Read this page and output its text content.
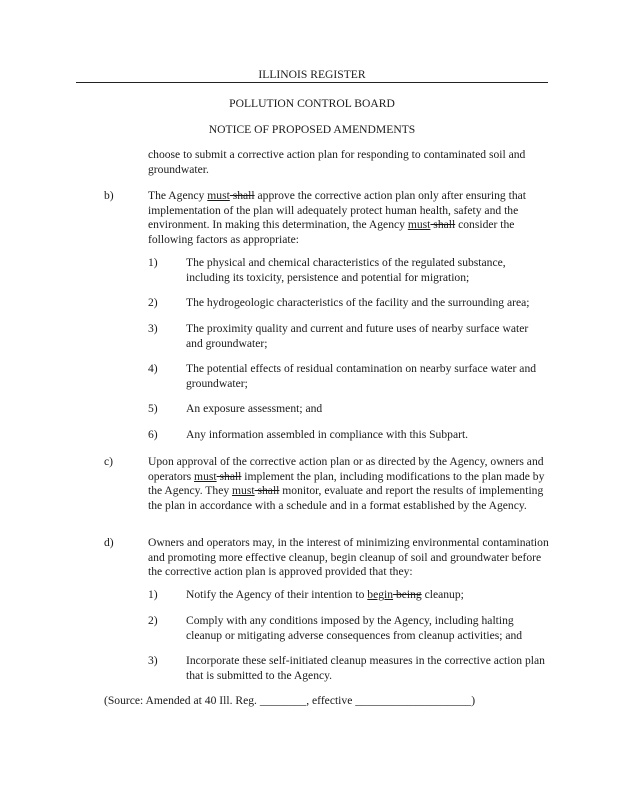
ILLINOIS REGISTER
POLLUTION CONTROL BOARD
NOTICE OF PROPOSED AMENDMENTS
choose to submit a corrective action plan for responding to contaminated soil and groundwater.
b)	The Agency must shall approve the corrective action plan only after ensuring that implementation of the plan will adequately protect human health, safety and the environment. In making this determination, the Agency must shall consider the following factors as appropriate:
1) The physical and chemical characteristics of the regulated substance, including its toxicity, persistence and potential for migration;
2) The hydrogeologic characteristics of the facility and the surrounding area;
3) The proximity quality and current and future uses of nearby surface water and groundwater;
4) The potential effects of residual contamination on nearby surface water and groundwater;
5) An exposure assessment; and
6) Any information assembled in compliance with this Subpart.
c)	Upon approval of the corrective action plan or as directed by the Agency, owners and operators must shall implement the plan, including modifications to the plan made by the Agency. They must shall monitor, evaluate and report the results of implementing the plan in accordance with a schedule and in a format established by the Agency.
d)	Owners and operators may, in the interest of minimizing environmental contamination and promoting more effective cleanup, begin cleanup of soil and groundwater before the corrective action plan is approved provided that they:
1) Notify the Agency of their intention to begin being cleanup;
2) Comply with any conditions imposed by the Agency, including halting cleanup or mitigating adverse consequences from cleanup activities; and
3) Incorporate these self-initiated cleanup measures in the corrective action plan that is submitted to the Agency.
(Source: Amended at 40 Ill. Reg. ________, effective ____________________)
